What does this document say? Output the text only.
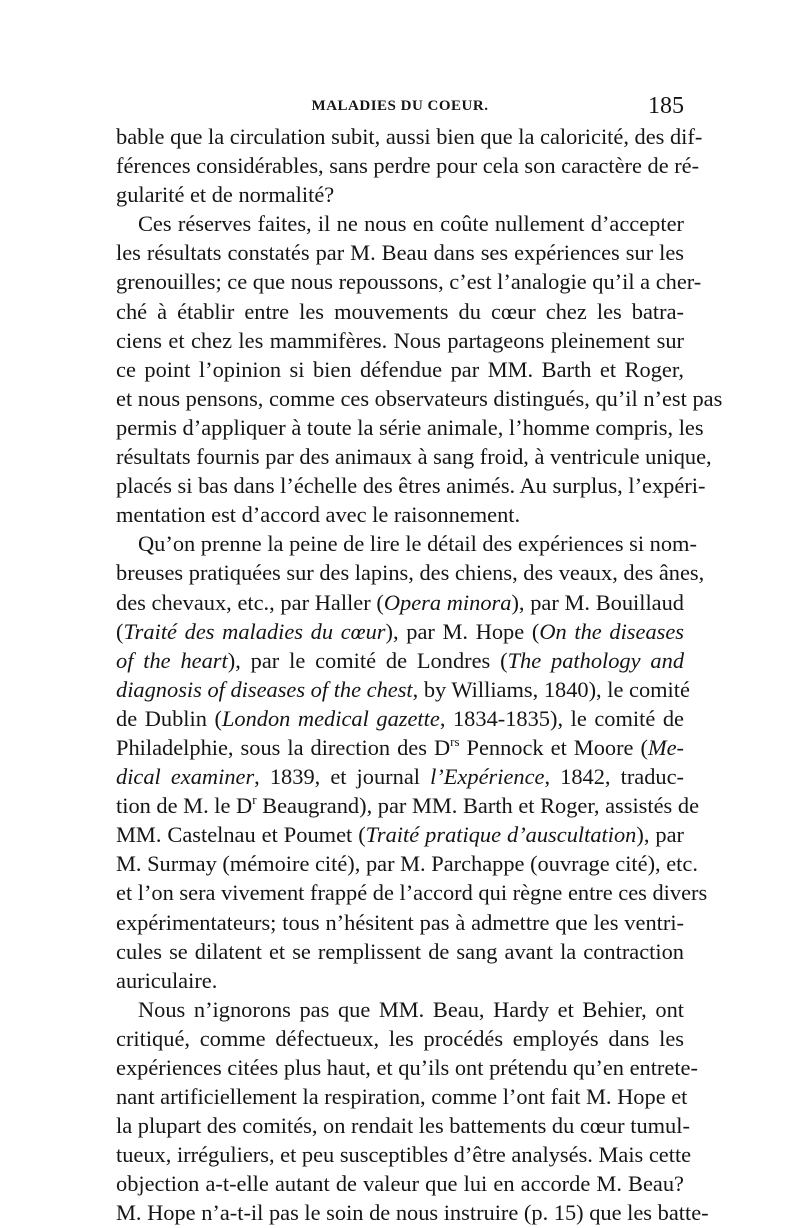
MALADIES DU COEUR.	185
bable que la circulation subit, aussi bien que la caloricité, des dif-
férences considérables, sans perdre pour cela son caractère de ré-
gularité et de normalité?
Ces réserves faites, il ne nous en coûte nullement d’accepter
les résultats constatés par M. Beau dans ses expériences sur les
grenouilles; ce que nous repoussons, c’est l’analogie qu’il a cher-
ché à établir entre les mouvements du cœur chez les batra-
ciens et chez les mammifères. Nous partageons pleinement sur
ce point l’opinion si bien défendue par MM. Barth et Roger,
et nous pensons, comme ces observateurs distingués, qu’il n’est pas
permis d’appliquer à toute la série animale, l’homme compris, les
résultats fournis par des animaux à sang froid, à ventricule unique,
placés si bas dans l’échelle des êtres animés. Au surplus, l’expéri-
mentation est d’accord avec le raisonnement.
Qu’on prenne la peine de lire le détail des expériences si nom-
breuses pratiquées sur des lapins, des chiens, des veaux, des ânes,
des chevaux, etc., par Haller (Opera minora), par M. Bouillaud
(Traité des maladies du cœur), par M. Hope (On the diseases
of the heart), par le comité de Londres (The pathology and
diagnosis of diseases of the chest, by Williams, 1840), le comité
de Dublin (London medical gazette, 1834-1835), le comité de
Philadelphie, sous la direction des $D^{rs}$ Pennock et Moore (Me-
dical examiner, 1839, et journal l’Expérience, 1842, traduc-
tion de M. le $D^r$ Beaugrand), par MM. Barth et Roger, assistés de
MM. Castelnau et Poumet (Traité pratique d’auscultation), par
M. Surmay (mémoire cité), par M. Parchappe (ouvrage cité), etc.
et l’on sera vivement frappé de l’accord qui règne entre ces divers
expérimentateurs; tous n’hésitent pas à admettre que les ventri-
cules se dilatent et se remplissent de sang avant la contraction
auriculaire.
Nous n’ignorons pas que MM. Beau, Hardy et Behier, ont
critiqué, comme défectueux, les procédés employés dans les
expériences citées plus haut, et qu’ils ont prétendu qu’en entrete-
nant artificiellement la respiration, comme l’ont fait M. Hope et
la plupart des comités, on rendait les battements du cœur tumul-
tueux, irréguliers, et peu susceptibles d’être analysés. Mais cette
objection a-t-elle autant de valeur que lui en accorde M. Beau?
M. Hope n’a-t-il pas le soin de nous instruire (p. 15) que les batte-
